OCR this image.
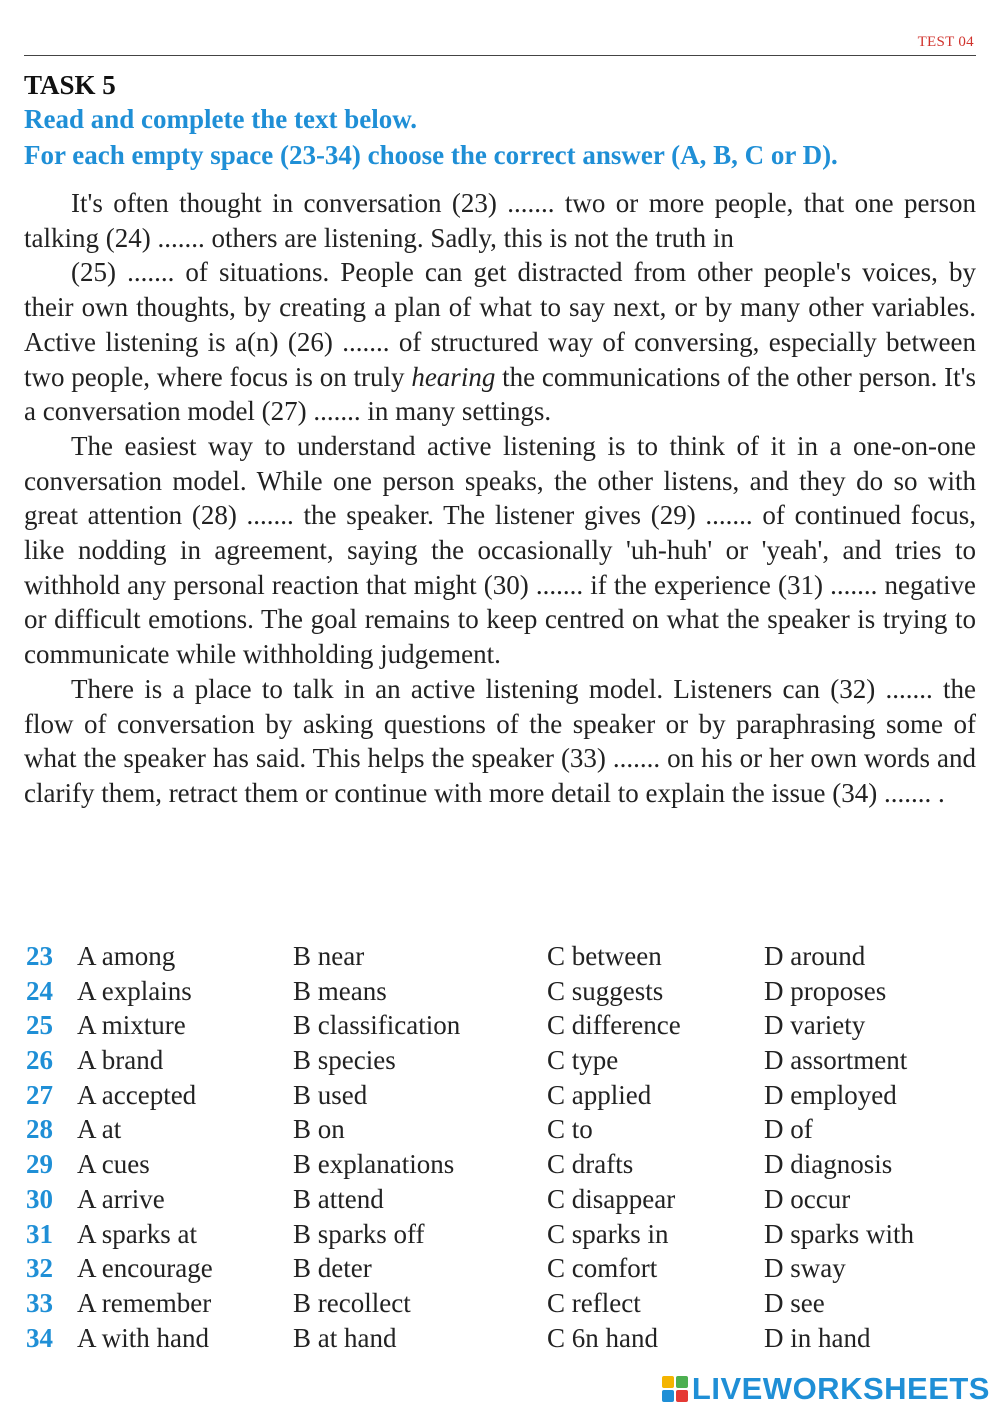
TEST 04
TASK 5
Read and complete the text below.
For each empty space (23-34) choose the correct answer (A, B, C or D).

It's often thought in conversation (23) ....... two or more people, that one person talking (24) ....... others are listening. Sadly, this is not the truth in

(25) ....... of situations. People can get distracted from other people's voices, by their own thoughts, by creating a plan of what to say next, or by many other variables. Active listening is a(n) (26) ....... of structured way of conversing, especially between two people, where focus is on truly hearing the communications of the other person. It's a conversation model (27) ....... in many settings.

The easiest way to understand active listening is to think of it in a one-on-one conversation model. While one person speaks, the other listens, and they do so with great attention (28) ....... the speaker. The listener gives (29) ....... of continued focus, like nodding in agreement, saying the occasionally 'uh-huh' or 'yeah', and tries to withhold any personal reaction that might (30) ....... if the experience (31) ....... negative or difficult emotions. The goal remains to keep centred on what the speaker is trying to communicate while withholding judgement.

There is a place to talk in an active listening model. Listeners can (32) ....... the flow of conversation by asking questions of the speaker or by paraphrasing some of what the speaker has said. This helps the speaker (33) ....... on his or her own words and clarify them, retract them or continue with more detail to explain the issue (34) ....... .

23 A among	B near	C between	D around
24 A explains	B means	C suggests	D proposes
25 A mixture	B classification	C difference	D variety
26 A brand	B species	C type	D assortment
27 A accepted	B used	C applied	D employed
28 A at	B on	C to	D of
29 A cues	B explanations	C drafts	D diagnosis
30 A arrive	B attend	C disappear	D occur
31 A sparks at	B sparks off	C sparks in	D sparks with
32 A encourage	B deter	C comfort	D sway
33 A remember	B recollect	C reflect	D see
34 A with hand	B at hand	C 6n hand	D in hand
LIVEWORKSHEETS
